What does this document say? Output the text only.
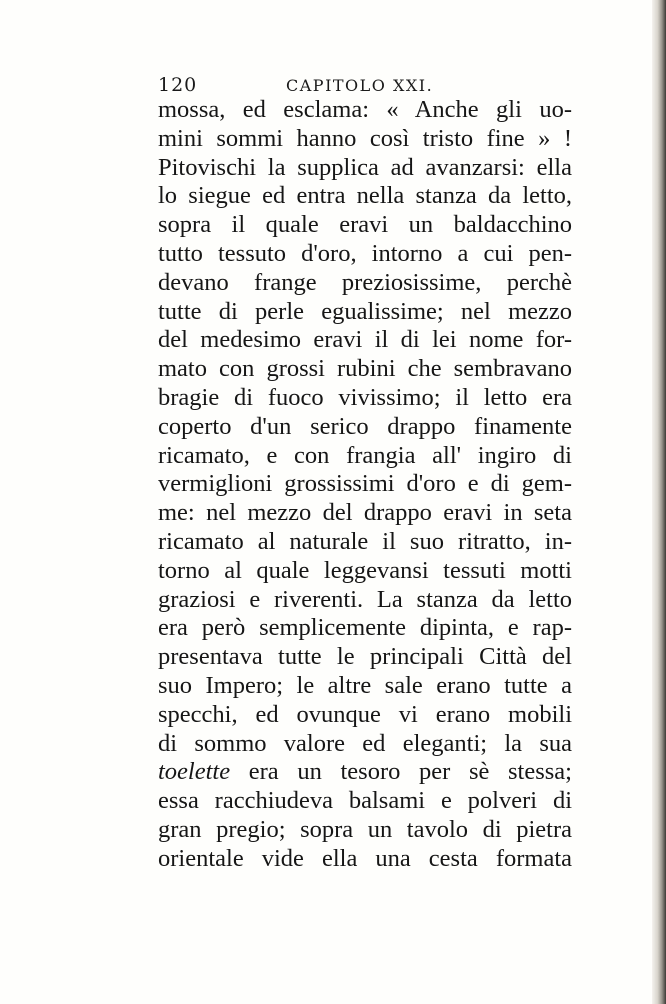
120	CAPITOLO XXI.
mossa, ed esclama: « Anche gli uo-
mini sommi hanno così tristo fine » !
Pitovischi la supplica ad avanzarsi: ella
lo siegue ed entra nella stanza da letto,
sopra il quale eravi un baldacchino
tutto tessuto d'oro, intorno a cui pen-
devano frange preziosissime, perchè
tutte di perle egualissime; nel mezzo
del medesimo eravi il di lei nome for-
mato con grossi rubini che sembravano
bragie di fuoco vivissimo; il letto era
coperto d'un serico drappo finamente
ricamato, e con frangia all' ingiro di
vermiglioni grossissimi d'oro e di gem-
me: nel mezzo del drappo eravi in seta
ricamato al naturale il suo ritratto, in-
torno al quale leggevansi tessuti motti
graziosi e riverenti. La stanza da letto
era però semplicemente dipinta, e rap-
presentava tutte le principali Città del
suo Impero; le altre sale erano tutte a
specchi, ed ovunque vi erano mobili
di sommo valore ed eleganti; la sua
toelette era un tesoro per sè stessa;
essa racchiudeva balsami e polveri di
gran pregio; sopra un tavolo di pietra
orientale vide ella una cesta formata
